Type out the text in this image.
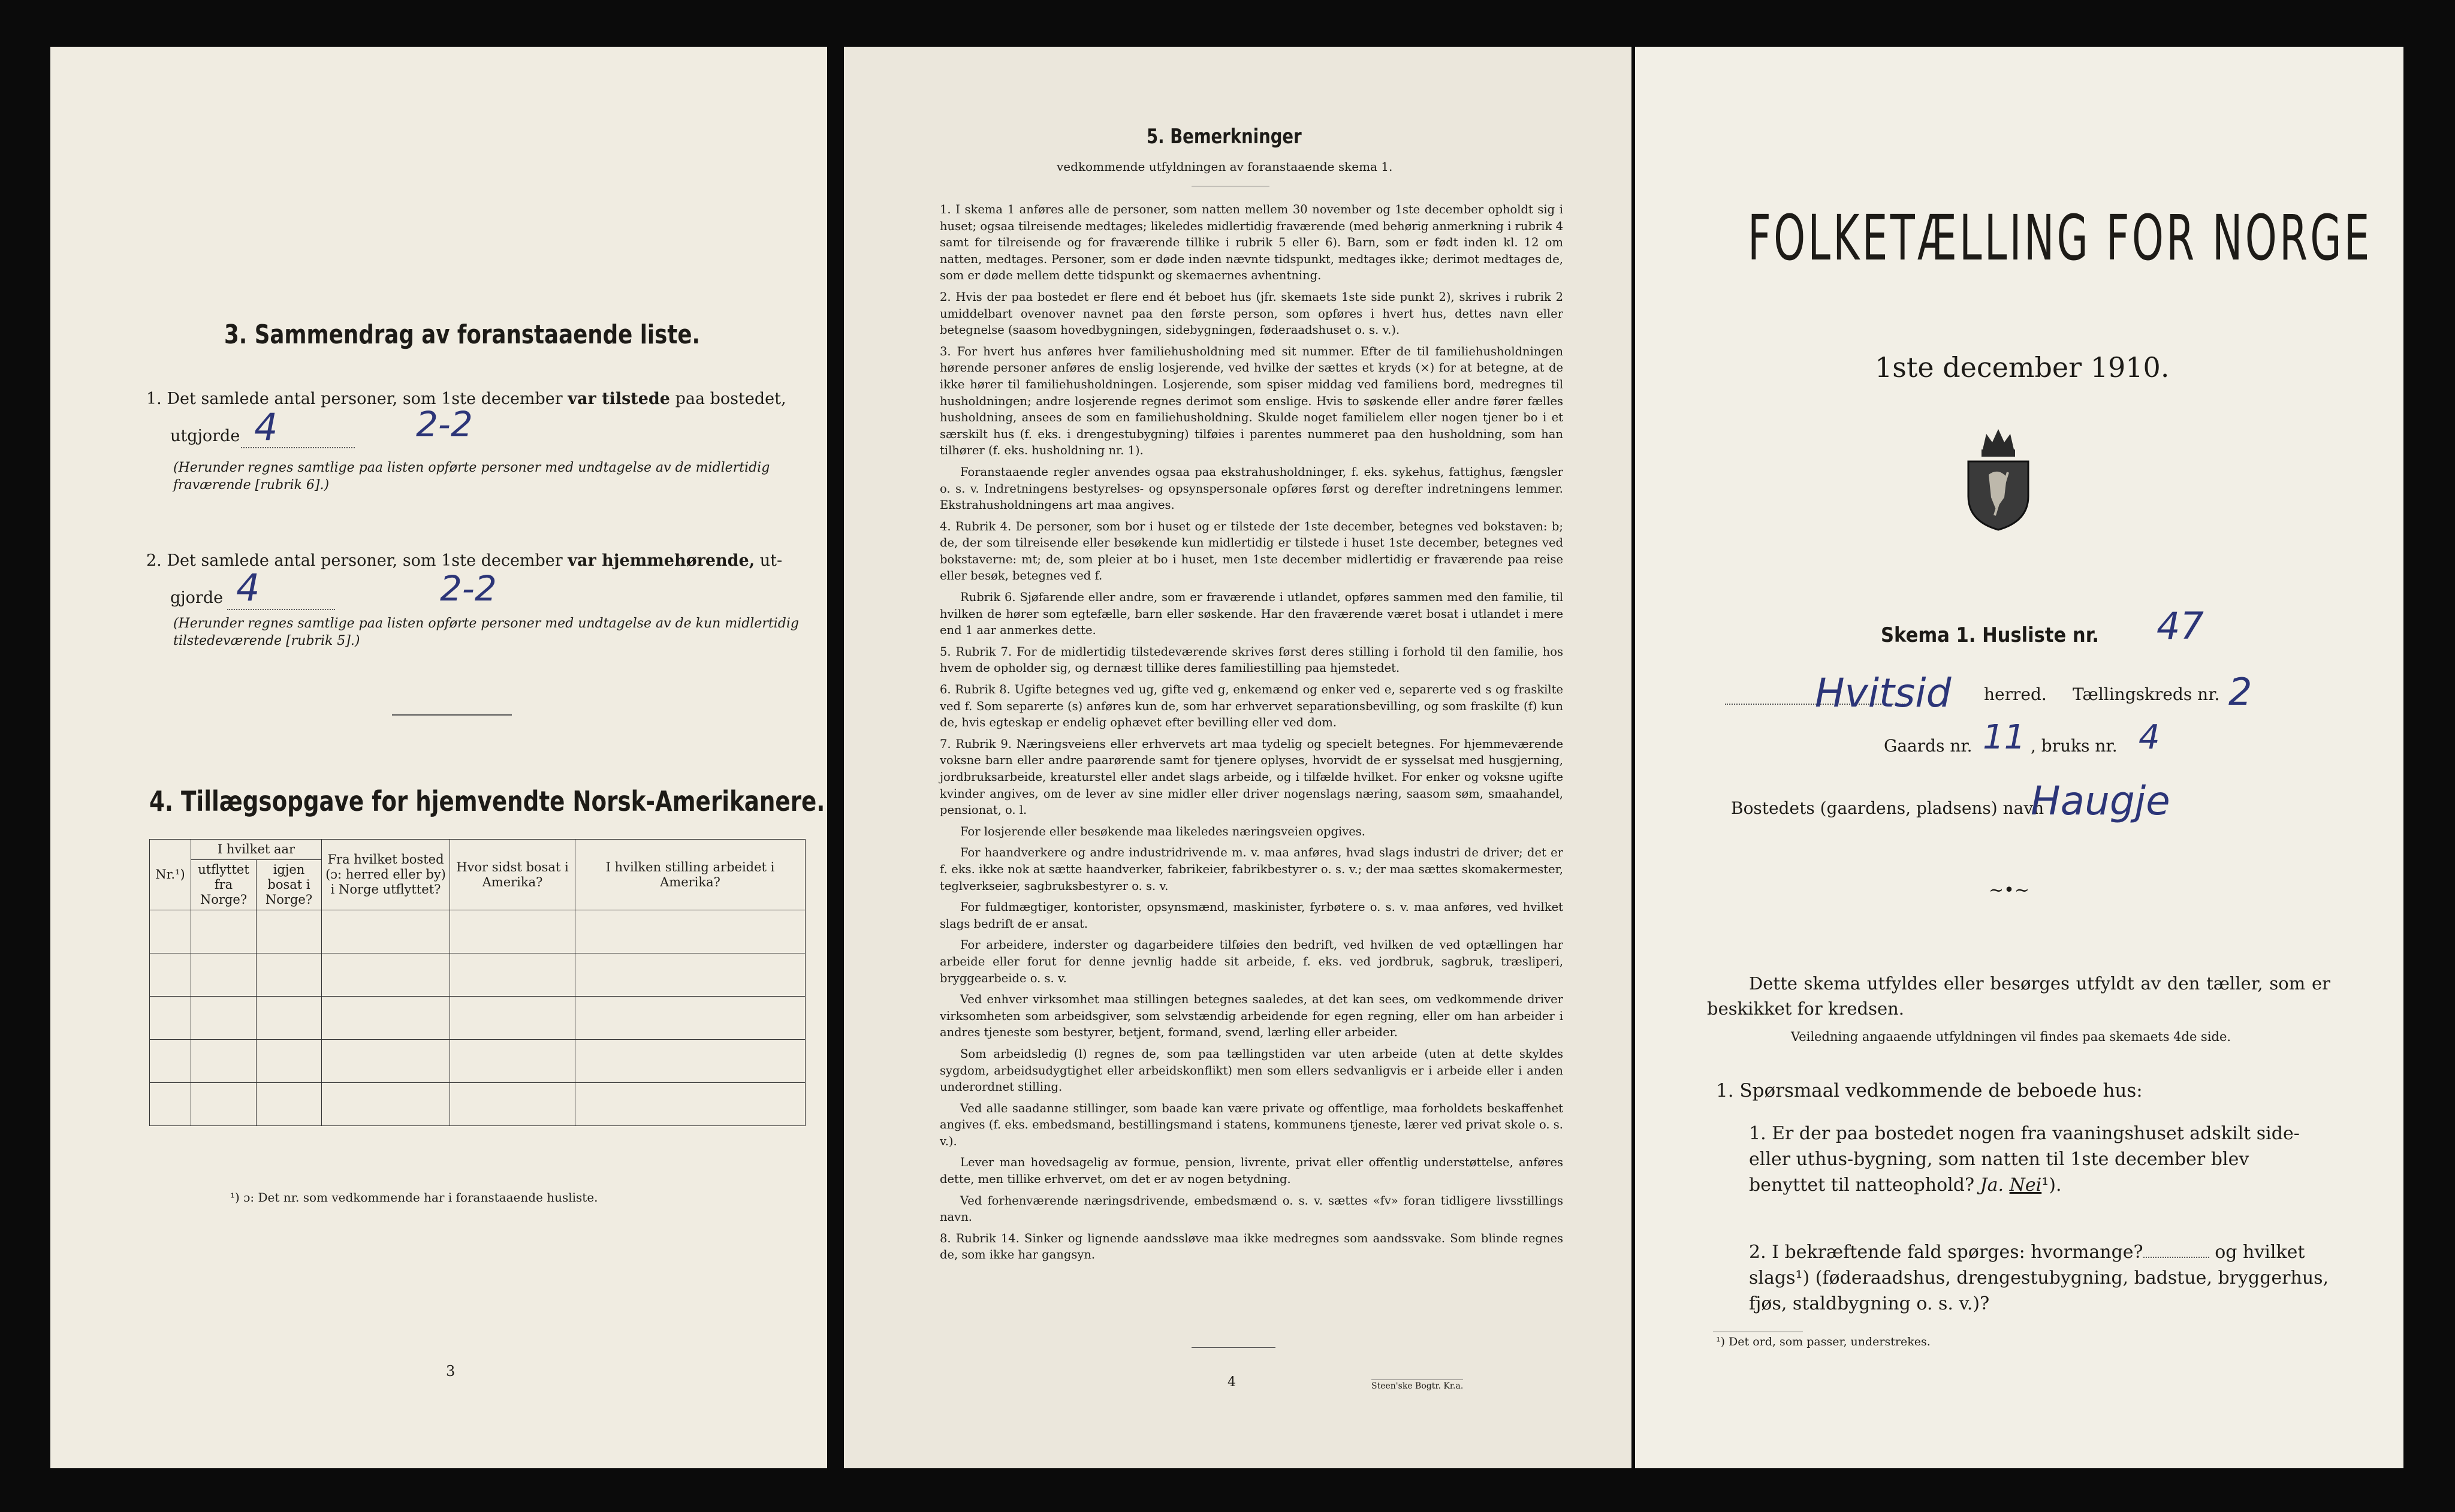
3. Sammendrag av foranstaaende liste.
1. Det samlede antal personer, som 1ste december var tilstede paa bostedet,
utgjorde 4	2-2
(Herunder regnes samtlige paa listen opførte personer med undtagelse av de midlertidig fraværende [rubrik 6].)
2. Det samlede antal personer, som 1ste december var hjemmehørende, ut-
gjorde 4	2-2
(Herunder regnes samtlige paa listen opførte personer med undtagelse av de kun midlertidig tilstedeværende [rubrik 5].)
4. Tillægsopgave for hjemvendte Norsk-Amerikanere.
Nr.¹)	I hvilket aar		Fra hvilket bosted (ɔ: herred eller by) i Norge utflyttet?	Hvor sidst bosat i Amerika?	I hvilken stilling arbeidet i Amerika?
	utflyttet fra Norge?	igjen bosat i Norge?			

¹) ɔ: Det nr. som vedkommende har i foranstaaende husliste.
3
5. Bemerkninger
vedkommende utfyldningen av foranstaaende skema 1.

1. I skema 1 anføres alle de personer, som natten mellem 30 november og 1ste december opholdt sig i huset; ogsaa tilreisende medtages; likeledes midlertidig fraværende (med behørig anmerkning i rubrik 4 samt for tilreisende og for fraværende tillike i rubrik 5 eller 6). Barn, som er født inden kl. 12 om natten, medtages. Personer, som er døde inden nævnte tidspunkt, medtages ikke; derimot medtages de, som er døde mellem dette tidspunkt og skemaernes avhentning.

2. Hvis der paa bostedet er flere end ét beboet hus (jfr. skemaets 1ste side punkt 2), skrives i rubrik 2 umiddelbart ovenover navnet paa den første person, som opføres i hvert hus, dettes navn eller betegnelse (saasom hovedbygningen, sidebygningen, føderaadshuset o. s. v.).

3. For hvert hus anføres hver familiehusholdning med sit nummer. Efter de til familiehusholdningen hørende personer anføres de enslig losjerende, ved hvilke der sættes et kryds (×) for at betegne, at de ikke hører til familiehusholdningen. Losjerende, som spiser middag ved familiens bord, medregnes til husholdningen; andre losjerende regnes derimot som enslige. Hvis to søskende eller andre fører fælles husholdning, ansees de som en familiehusholdning. Skulde noget familielem eller nogen tjener bo i et særskilt hus (f. eks. i drengestubygning) tilføies i parentes nummeret paa den husholdning, som han tilhører (f. eks. husholdning nr. 1).

Foranstaaende regler anvendes ogsaa paa ekstrahusholdninger, f. eks. sykehus, fattighus, fængsler o. s. v. Indretningens bestyrelses- og opsynspersonale opføres først og derefter indretningens lemmer. Ekstrahusholdningens art maa angives.

4. Rubrik 4. De personer, som bor i huset og er tilstede der 1ste december, betegnes ved bokstaven: b; de, der som tilreisende eller besøkende kun midlertidig er tilstede i huset 1ste december, betegnes ved bokstaverne: mt; de, som pleier at bo i huset, men 1ste december midlertidig er fraværende paa reise eller besøk, betegnes ved f.

Rubrik 6. Sjøfarende eller andre, som er fraværende i utlandet, opføres sammen med den familie, til hvilken de hører som egtefælle, barn eller søskende. Har den fraværende været bosat i utlandet i mere end 1 aar anmerkes dette.

5. Rubrik 7. For de midlertidig tilstedeværende skrives først deres stilling i forhold til den familie, hos hvem de opholder sig, og dernæst tillike deres familiestilling paa hjemstedet.

6. Rubrik 8. Ugifte betegnes ved ug, gifte ved g, enkemænd og enker ved e, separerte ved s og fraskilte ved f. Som separerte (s) anføres kun de, som har erhvervet separationsbevilling, og som fraskilte (f) kun de, hvis egteskap er endelig ophævet efter bevilling eller ved dom.

7. Rubrik 9. Næringsveiens eller erhvervets art maa tydelig og specielt betegnes. For hjemmeværende voksne barn eller andre paarørende samt for tjenere oplyses, hvorvidt de er sysselsat med husgjerning, jordbruksarbeide, kreaturstel eller andet slags arbeide, og i tilfælde hvilket. For enker og voksne ugifte kvinder angives, om de lever av sine midler eller driver nogenslags næring, saasom søm, smaahandel, pensionat, o. l.

For losjerende eller besøkende maa likeledes næringsveien opgives.

For haandverkere og andre industridrivende m. v. maa anføres, hvad slags industri de driver; det er f. eks. ikke nok at sætte haandverker, fabrikeier, fabrikbestyrer o. s. v.; der maa sættes skomakermester, teglverkseier, sagbruksbestyrer o. s. v.

For fuldmægtiger, kontorister, opsynsmænd, maskinister, fyrbøtere o. s. v. maa anføres, ved hvilket slags bedrift de er ansat.

For arbeidere, inderster og dagarbeidere tilføies den bedrift, ved hvilken de ved optællingen har arbeide eller forut for denne jevnlig hadde sit arbeide, f. eks. ved jordbruk, sagbruk, træsliperi, bryggearbeide o. s. v.

Ved enhver virksomhet maa stillingen betegnes saaledes, at det kan sees, om vedkommende driver virksomheten som arbeidsgiver, som selvstændig arbeidende for egen regning, eller om han arbeider i andres tjeneste som bestyrer, betjent, formand, svend, lærling eller arbeider.

Som arbeidsledig (l) regnes de, som paa tællingstiden var uten arbeide (uten at dette skyldes sygdom, arbeidsudygtighet eller arbeidskonflikt) men som ellers sedvanligvis er i arbeide eller i anden underordnet stilling.

Ved alle saadanne stillinger, som baade kan være private og offentlige, maa forholdets beskaffenhet angives (f. eks. embedsmand, bestillingsmand i statens, kommunens tjeneste, lærer ved privat skole o. s. v.).

Lever man hovedsagelig av formue, pension, livrente, privat eller offentlig understøttelse, anføres dette, men tillike erhvervet, om det er av nogen betydning.

Ved forhenværende næringsdrivende, embedsmænd o. s. v. sættes «fv» foran tidligere livsstillings navn.

8. Rubrik 14. Sinker og lignende aandssløve maa ikke medregnes som aandssvake. Som blinde regnes de, som ikke har gangsyn.

4	Steen'ske Bogtr. Kr.a.
FOLKETÆLLING FOR NORGE
1ste december 1910.
Skema 1. Husliste nr. 47
Hvitsid herred. Tællingskreds nr. 2
Gaards nr. 11 , bruks nr. 4
Bostedets (gaardens, pladsens) navn
Haugje
~•~
Dette skema utfyldes eller besørges utfyldt av den tæller, som er beskikket for kredsen.
Veiledning angaaende utfyldningen vil findes paa skemaets 4de side.
1. Spørsmaal vedkommende de beboede hus:
1. Er der paa bostedet nogen fra vaaningshuset adskilt side- eller uthus-bygning, som natten til 1ste december blev benyttet til natteophold? Ja. Nei¹).
2. I bekræftende fald spørges: hvormange?	og hvilket slags¹) (føderaadshus, drengestubygning, badstue, bryggerhus, fjøs, staldbygning o. s. v.)?
¹) Det ord, som passer, understrekes.
